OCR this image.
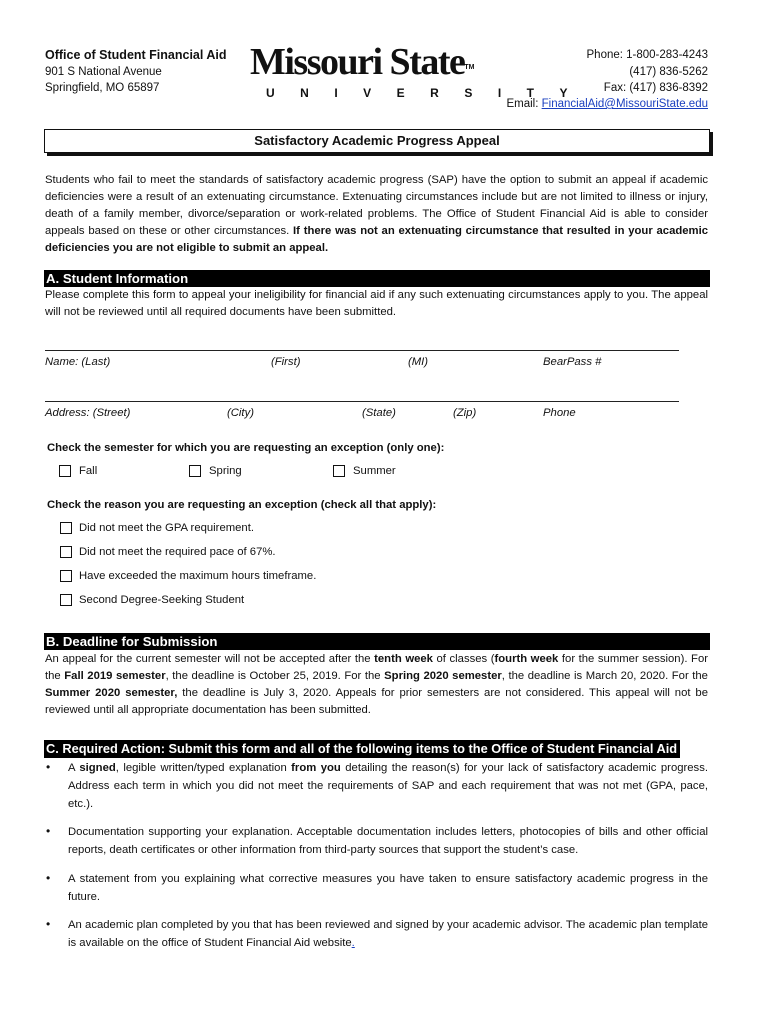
Office of Student Financial Aid
901 S National Avenue
Springfield, MO 65897
Missouri State™
UNIVERSITY
Phone: 1-800-283-4243
(417) 836-5262
Fax: (417) 836-8392
Email: FinancialAid@MissouriState.edu
Satisfactory Academic Progress Appeal
Students who fail to meet the standards of satisfactory academic progress (SAP) have the option to submit an appeal if academic deficiencies were a result of an extenuating circumstance. Extenuating circumstances include but are not limited to illness or injury, death of a family member, divorce/separation or work-related problems. The Office of Student Financial Aid is able to consider appeals based on these or other circumstances. If there was not an extenuating circumstance that resulted in your academic deficiencies you are not eligible to submit an appeal.
A. Student Information
Please complete this form to appeal your ineligibility for financial aid if any such extenuating circumstances apply to you. The appeal will not be reviewed until all required documents have been submitted.
Name: (Last)	(First)	(MI)	BearPass #
Address: (Street)	(City)	(State)	(Zip)	Phone
Check the semester for which you are requesting an exception (only one):
Fall	Spring	Summer
Check the reason you are requesting an exception (check all that apply):
Did not meet the GPA requirement.
Did not meet the required pace of 67%.
Have exceeded the maximum hours timeframe.
Second Degree-Seeking Student
B. Deadline for Submission
An appeal for the current semester will not be accepted after the tenth week of classes (fourth week for the summer session). For the Fall 2019 semester, the deadline is October 25, 2019. For the Spring 2020 semester, the deadline is March 20, 2020. For the Summer 2020 semester, the deadline is July 3, 2020. Appeals for prior semesters are not considered. This appeal will not be reviewed until all appropriate documentation has been submitted.
C. Required Action: Submit this form and all of the following items to the Office of Student Financial Aid
• A signed, legible written/typed explanation from you detailing the reason(s) for your lack of satisfactory academic progress. Address each term in which you did not meet the requirements of SAP and each requirement that was not met (GPA, pace, etc.).
• Documentation supporting your explanation. Acceptable documentation includes letters, photocopies of bills and other official reports, death certificates or other information from third-party sources that support the student’s case.
• A statement from you explaining what corrective measures you have taken to ensure satisfactory academic progress in the future.
• An academic plan completed by you that has been reviewed and signed by your academic advisor. The academic plan template is available on the office of Student Financial Aid website.
